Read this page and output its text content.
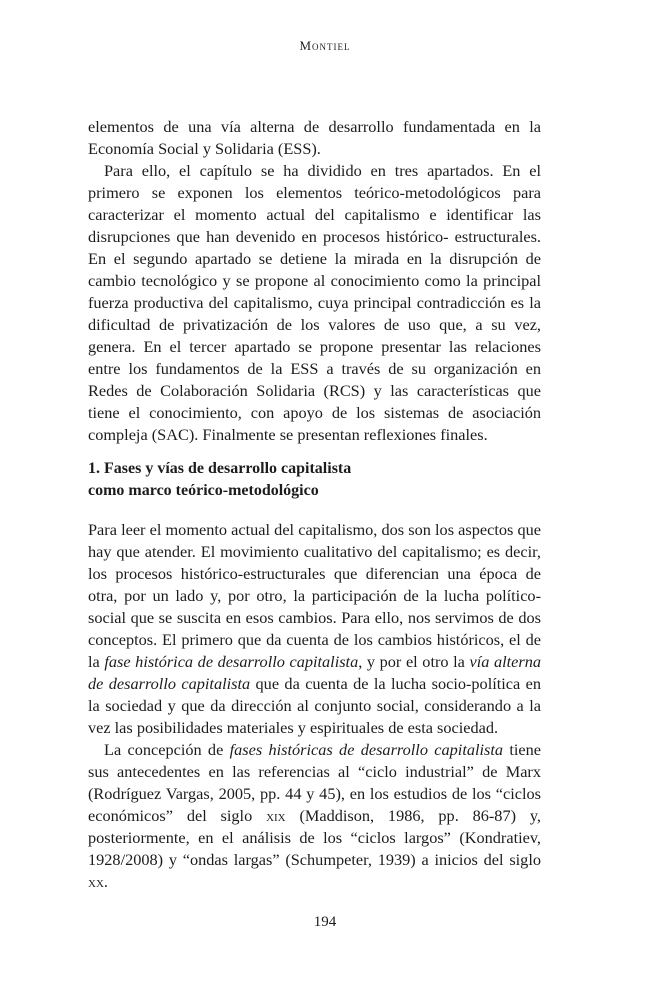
Montiel

elementos de una vía alterna de desarrollo fundamentada en la Economía Social y Solidaria (ESS).

Para ello, el capítulo se ha dividido en tres apartados. En el primero se exponen los elementos teórico-metodológicos para caracterizar el momento actual del capitalismo e identificar las disrupciones que han devenido en procesos histórico- estructurales. En el segundo apartado se detiene la mirada en la disrupción de cambio tecnológico y se propone al conocimiento como la principal fuerza productiva del capitalismo, cuya principal contradicción es la dificultad de privatización de los valores de uso que, a su vez, genera. En el tercer apartado se propone presentar las relaciones entre los fundamentos de la ESS a través de su organización en Redes de Colaboración Solidaria (RCS) y las características que tiene el conocimiento, con apoyo de los sistemas de asociación compleja (SAC). Finalmente se presentan reflexiones finales.

1. Fases y vías de desarrollo capitalista
como marco teórico-metodológico

Para leer el momento actual del capitalismo, dos son los aspectos que hay que atender. El movimiento cualitativo del capitalismo; es decir, los procesos histórico-estructurales que diferencian una época de otra, por un lado y, por otro, la participación de la lucha político-social que se suscita en esos cambios. Para ello, nos servimos de dos conceptos. El primero que da cuenta de los cambios históricos, el de la fase histórica de desarrollo capitalista, y por el otro la vía alterna de desarrollo capitalista que da cuenta de la lucha socio-política en la sociedad y que da dirección al conjunto social, considerando a la vez las posibilidades materiales y espirituales de esta sociedad.

La concepción de fases históricas de desarrollo capitalista tiene sus antecedentes en las referencias al “ciclo industrial” de Marx (Rodríguez Vargas, 2005, pp. 44 y 45), en los estudios de los “ciclos económicos” del siglo xix (Maddison, 1986, pp. 86-87) y, posteriormente, en el análisis de los “ciclos largos” (Kondratiev, 1928/2008) y “ondas largas” (Schumpeter, 1939) a inicios del siglo xx.

194
